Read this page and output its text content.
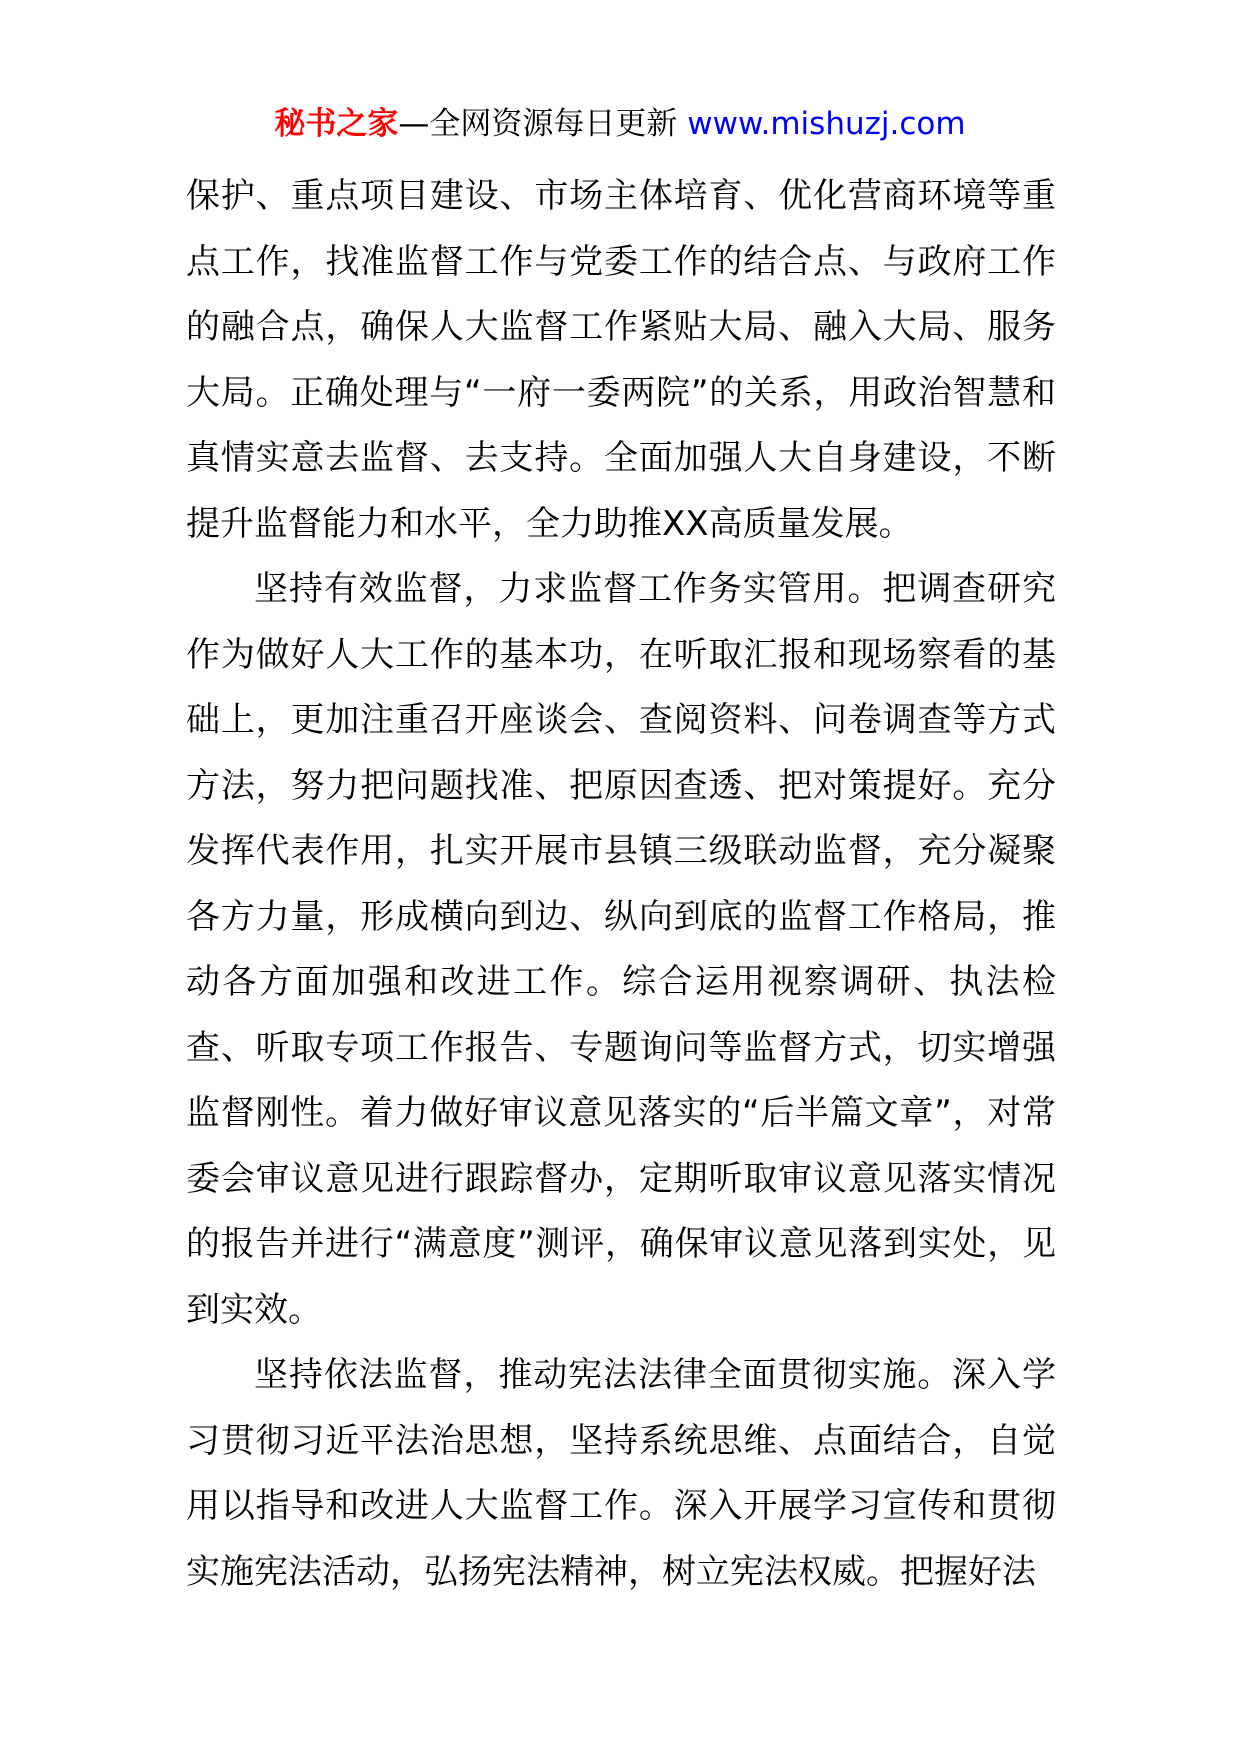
秘书之家—全网资源每日更新 www.mishuzj.com

保护、重点项目建设、市场主体培育、优化营商环境等重点工作，找准监督工作与党委工作的结合点、与政府工作的融合点，确保人大监督工作紧贴大局、融入大局、服务大局。正确处理与“一府一委两院”的关系，用政治智慧和真情实意去监督、去支持。全面加强人大自身建设，不断提升监督能力和水平，全力助推XX高质量发展。

坚持有效监督，力求监督工作务实管用。把调查研究作为做好人大工作的基本功，在听取汇报和现场察看的基础上，更加注重召开座谈会、查阅资料、问卷调查等方式方法，努力把问题找准、把原因查透、把对策提好。充分发挥代表作用，扎实开展市县镇三级联动监督，充分凝聚各方力量，形成横向到边、纵向到底的监督工作格局，推动各方面加强和改进工作。综合运用视察调研、执法检查、听取专项工作报告、专题询问等监督方式，切实增强监督刚性。着力做好审议意见落实的“后半篇文章”，对常委会审议意见进行跟踪督办，定期听取审议意见落实情况的报告并进行“满意度”测评，确保审议意见落到实处，见到实效。

坚持依法监督，推动宪法法律全面贯彻实施。深入学习贯彻习近平法治思想，坚持系统思维、点面结合，自觉用以指导和改进人大监督工作。深入开展学习宣传和贯彻实施宪法活动，弘扬宪法精神，树立宪法权威。把握好法
